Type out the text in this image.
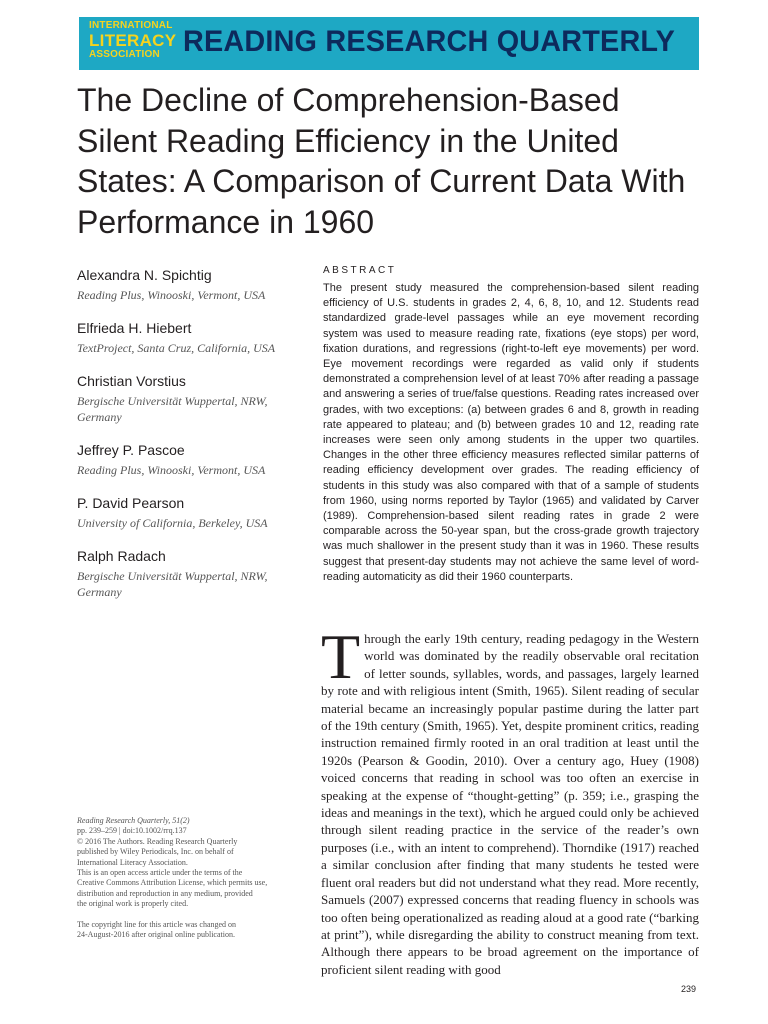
INTERNATIONAL
LITERACY
ASSOCIATION READING RESEARCH QUARTERLY
The Decline of Comprehension-Based Silent Reading Efficiency in the United States: A Comparison of Current Data With Performance in 1960
Alexandra N. Spichtig
Reading Plus, Winooski, Vermont, USA
Elfrieda H. Hiebert
TextProject, Santa Cruz, California, USA
Christian Vorstius
Bergische Universität Wuppertal, NRW, Germany
Jeffrey P. Pascoe
Reading Plus, Winooski, Vermont, USA
P. David Pearson
University of California, Berkeley, USA
Ralph Radach
Bergische Universität Wuppertal, NRW, Germany
ABSTRACT

The present study measured the comprehension-based silent reading efficiency of U.S. students in grades 2, 4, 6, 8, 10, and 12. Students read standardized grade-level passages while an eye movement recording system was used to measure reading rate, fixations (eye stops) per word, fixation durations, and regressions (right-to-left eye movements) per word. Eye movement recordings were regarded as valid only if students demonstrated a comprehension level of at least 70% after reading a passage and answering a series of true/false questions. Reading rates increased over grades, with two exceptions: (a) between grades 6 and 8, growth in reading rate appeared to plateau; and (b) between grades 10 and 12, reading rate increases were seen only among students in the upper two quartiles. Changes in the other three efficiency measures reflected similar patterns of reading efficiency development over grades. The reading efficiency of students in this study was also compared with that of a sample of students from 1960, using norms reported by Taylor (1965) and validated by Carver (1989). Comprehension-based silent reading rates in grade 2 were comparable across the 50-year span, but the cross-grade growth trajectory was much shallower in the present study than it was in 1960. These results suggest that present-day students may not achieve the same level of word-reading automaticity as did their 1960 counterparts.

Through the early 19th century, reading pedagogy in the Western world was dominated by the readily observable oral recitation of letter sounds, syllables, words, and passages, largely learned by rote and with religious intent (Smith, 1965). Silent reading of secular material became an increasingly popular pastime during the latter part of the 19th century (Smith, 1965). Yet, despite prominent critics, reading instruction remained firmly rooted in an oral tradition at least until the 1920s (Pearson & Goodin, 2010). Over a century ago, Huey (1908) voiced concerns that reading in school was too often an exercise in speaking at the expense of “thought-getting” (p. 359; i.e., grasping the ideas and meanings in the text), which he argued could only be achieved through silent reading practice in the service of the reader’s own purposes (i.e., with an intent to comprehend). Thorndike (1917) reached a similar conclusion after finding that many students he tested were fluent oral readers but did not understand what they read. More recently, Samuels (2007) expressed concerns that reading fluency in schools was too often being operationalized as reading aloud at a good rate (“barking at print”), while disregarding the ability to construct meaning from text. Although there appears to be broad agreement on the importance of proficient silent reading with good

Reading Research Quarterly, 51(2)
pp. 239–259 | doi:10.1002/rrq.137
© 2016 The Authors. Reading Research Quarterly
published by Wiley Periodicals, Inc. on behalf of
International Literacy Association.
This is an open access article under the terms of the
Creative Commons Attribution License, which permits use,
distribution and reproduction in any medium, provided
the original work is properly cited.
The copyright line for this article was changed on
24-August-2016 after original online publication.
239
